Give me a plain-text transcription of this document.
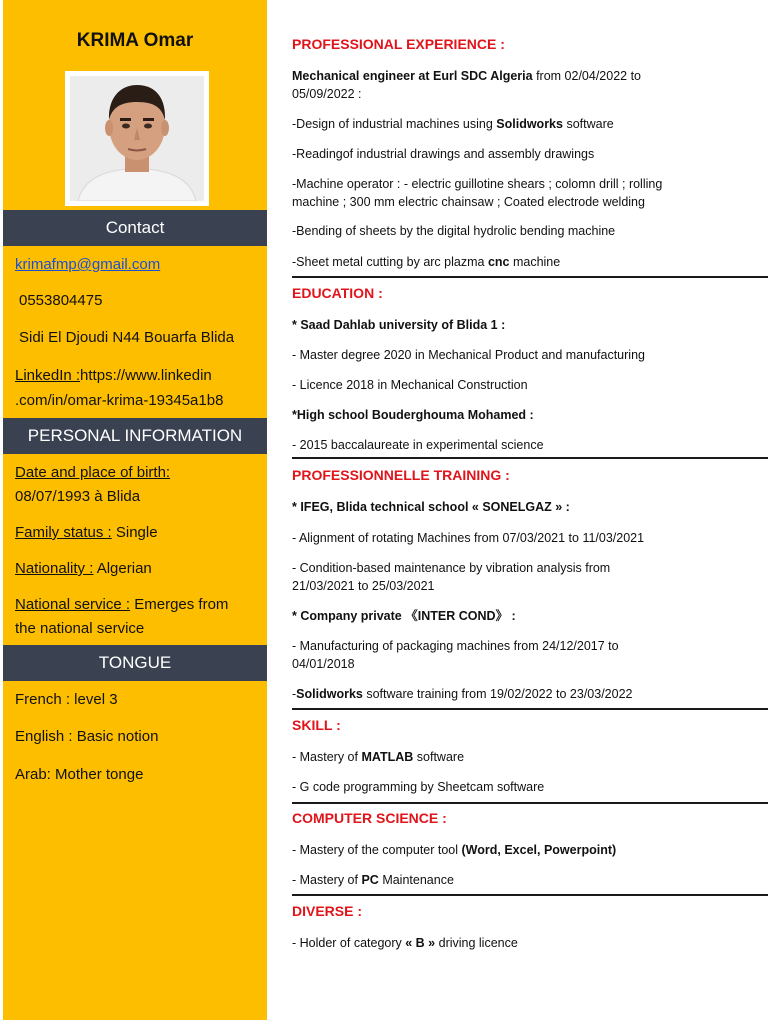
KRIMA Omar
Contact
krimafmp@gmail.com
0553804475
Sidi El Djoudi N44 Bouarfa Blida
LinkedIn :https://www.linkedin
.com/in/omar-krima-19345a1b8
PERSONAL INFORMATION
Date and place of birth:
08/07/1993 à Blida
Family status : Single
Nationality : Algerian
National service : Emerges from
the national service
TONGUE
French : level 3
English : Basic notion
Arab: Mother tonge
PROFESSIONAL EXPERIENCE :
Mechanical engineer at Eurl SDC Algeria from 02/04/2022 to
05/09/2022 :
-Design of industrial machines using Solidworks software
-Readingof industrial drawings and assembly drawings
-Machine operator : - electric guillotine shears ; colomn drill ; rolling
machine ; 300 mm electric chainsaw ; Coated electrode welding
-Bending of sheets by the digital hydrolic bending machine
-Sheet metal cutting by arc plazma cnc machine
EDUCATION :
* Saad Dahlab university of Blida 1 :
- Master degree 2020 in Mechanical Product and manufacturing
- Licence 2018 in Mechanical Construction
*High school Bouderghouma Mohamed :
- 2015 baccalaureate in experimental science
PROFESSIONNELLE TRAINING :
* IFEG, Blida technical school « SONELGAZ » :
- Alignment of rotating Machines from 07/03/2021 to 11/03/2021
- Condition-based maintenance by vibration analysis from
21/03/2021 to 25/03/2021
* Company private 《INTER COND》 :
- Manufacturing of packaging machines from 24/12/2017 to
04/01/2018
-Solidworks software training from 19/02/2022 to 23/03/2022
SKILL :
- Mastery of MATLAB software
- G code programming by Sheetcam software
COMPUTER SCIENCE :
- Mastery of the computer tool (Word, Excel, Powerpoint)
- Mastery of PC Maintenance
DIVERSE :
- Holder of category « B » driving licence
